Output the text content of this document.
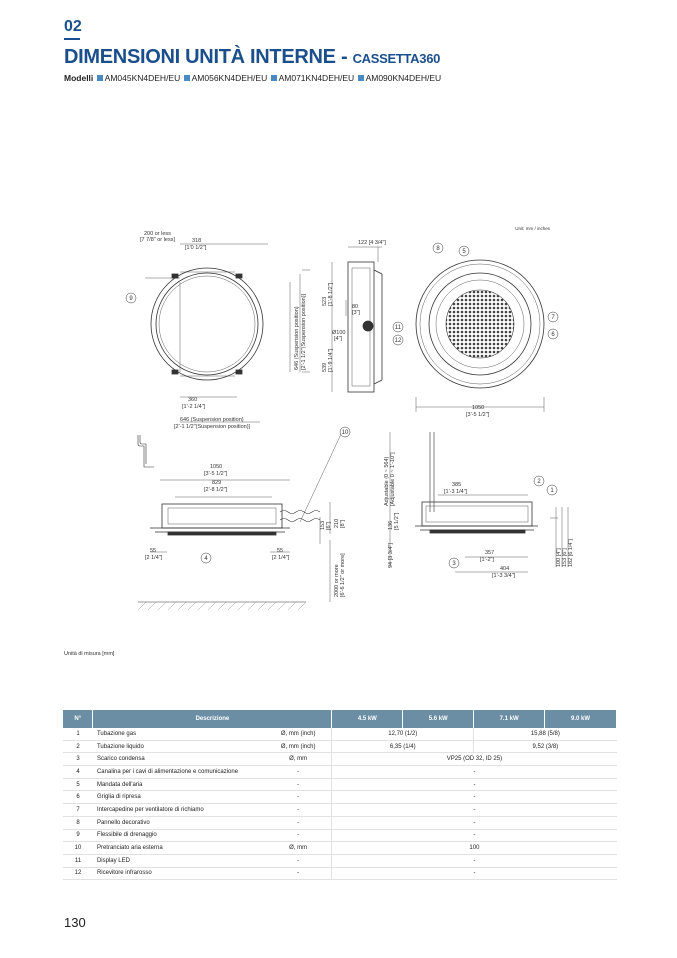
02
DIMENSIONI UNITÀ INTERNE - CASSETTA360
Modelli AM045KN4DEH/EU AM056KN4DEH/EU AM071KN4DEH/EU AM090KN4DEH/EU
Unit: mm / inches
200 or less
[7 7/8" or less]	318
[1'0 1/2"]
360
[1'-2 1/4"]
646 (Suspension position)
[2'-1 1/2"(Suspension position)]
646 (Suspension position) [2'-1 1/2"(Suspension position)]
122 [4 3/4"]
523 [1'-8 1/2"]
80
[3"]
Ø100
[4"]
539 [1'-9 1/4"]
1050
[3'-5 1/2"]
1050
[3'-5 1/2"]
829
[2'-8 1/2"]
55
[2 1/4"]
55
[2 1/4"]
153 [6"] 210 [8"]
2000 or more [6'-6 1/2" or more]
Adjustable (0 ~ 564) [Adjustable 0 ~ 1'-10"]	385
[1'-3 1/4"]
136 [5 1/2"]
94 [3 3/4"]	357
[1'-2"]
404
[1'-3 3/4"]
100 [4"] 153 [6"] 182 [6 1/4"]
9
8	5
7
6
11
12
10
4
2
1
3
Unità di misura [mm]
N°	Descrizione		4.5 kW	5.6 kW	7.1 kW	9.0 kW
1	Tubazione gas	Ø, mm (inch)	12,70 (1/2)		15,88 (5/8)	
2	Tubazione liquido	Ø, mm (inch)	6,35 (1/4)		9,52 (3/8)	
3	Scarico condensa	Ø, mm	VP25 (OD 32, ID 25)			
4	Canalina per i cavi di alimentazione e comunicazione	-	-			
5	Mandata dell'aria	-	-			
6	Griglia di ripresa	-	-			
7	Intercapedine per ventilatore di richiamo	-	-			
8	Pannello decorativo	-	-			
9	Flessibile di drenaggio	-	-			
10	Pretranciato aria esterna	Ø, mm	100			
11	Display LED	-	-			
12	Ricevitore infrarosso	-	-			
130
